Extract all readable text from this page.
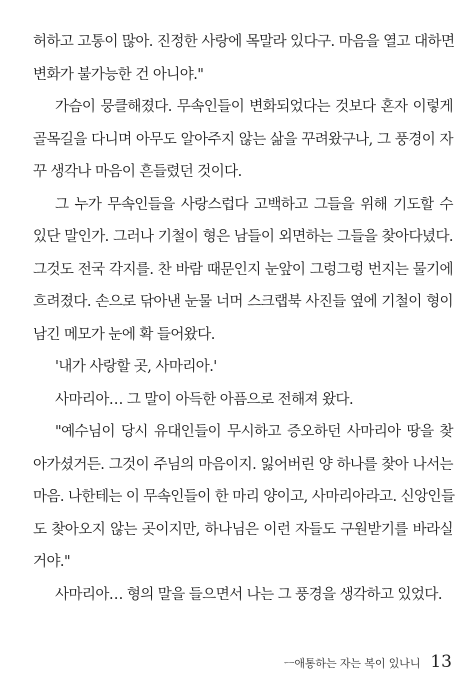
허하고 고통이 많아. 진정한 사랑에 목말라 있다구. 마음을 열고 대하면
변화가 불가능한 건 아니야."
가슴이 뭉클해졌다. 무속인들이 변화되었다는 것보다 혼자 이렇게
골목길을 다니며 아무도 알아주지 않는 삶을 꾸려왔구나, 그 풍경이 자
꾸 생각나 마음이 흔들렸던 것이다.
그 누가 무속인들을 사랑스럽다 고백하고 그들을 위해 기도할 수
있단 말인가. 그러나 기철이 형은 남들이 외면하는 그들을 찾아다녔다.
그것도 전국 각지를. 찬 바람 때문인지 눈앞이 그렁그렁 번지는 물기에
흐려졌다. 손으로 닦아낸 눈물 너머 스크랩북 사진들 옆에 기철이 형이
남긴 메모가 눈에 확 들어왔다.
'내가 사랑할 곳, 사마리아.'
사마리아… 그 말이 아득한 아픔으로 전해져 왔다.
"예수님이 당시 유대인들이 무시하고 증오하던 사마리아 땅을 찾
아가셨거든. 그것이 주님의 마음이지. 잃어버린 양 하나를 찾아 나서는
마음. 나한테는 이 무속인들이 한 마리 양이고, 사마리아라고. 신앙인들
도 찾아오지 않는 곳이지만, 하나님은 이런 자들도 구원받기를 바라실
거야."
사마리아… 형의 말을 들으면서 나는 그 풍경을 생각하고 있었다.
ㅡ애통하는 자는 복이 있나니 13
